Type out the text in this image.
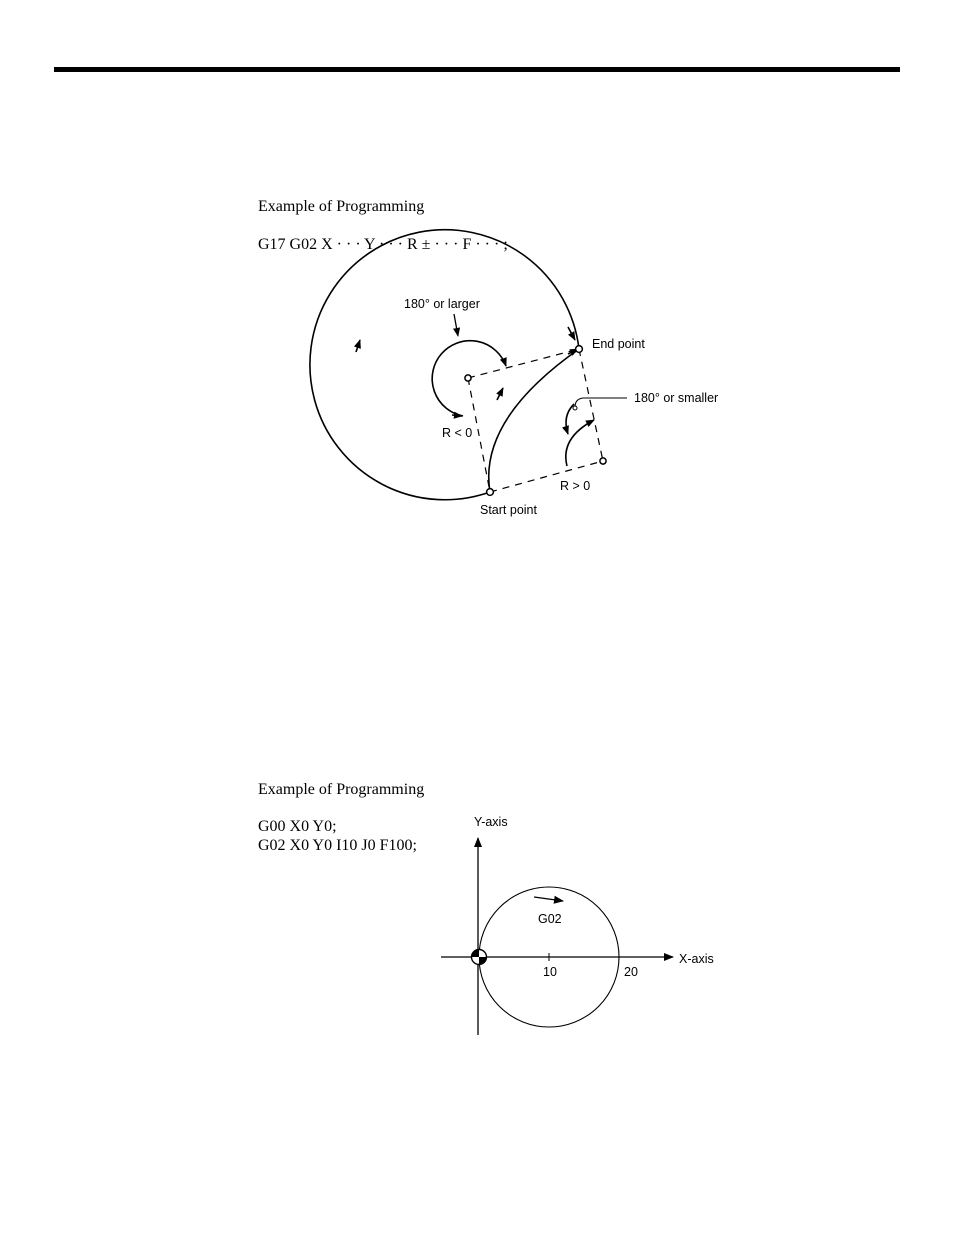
Example of Programming
G17 G02 X · · · Y · · · R ± · · · F · · · ;
180° or larger
End point
180° or smaller
R < 0
R > 0
Start point
Example of Programming
G00 X0 Y0;
G02 X0 Y0 I10 J0 F100;
Y-axis
X-axis
G02
10	20
